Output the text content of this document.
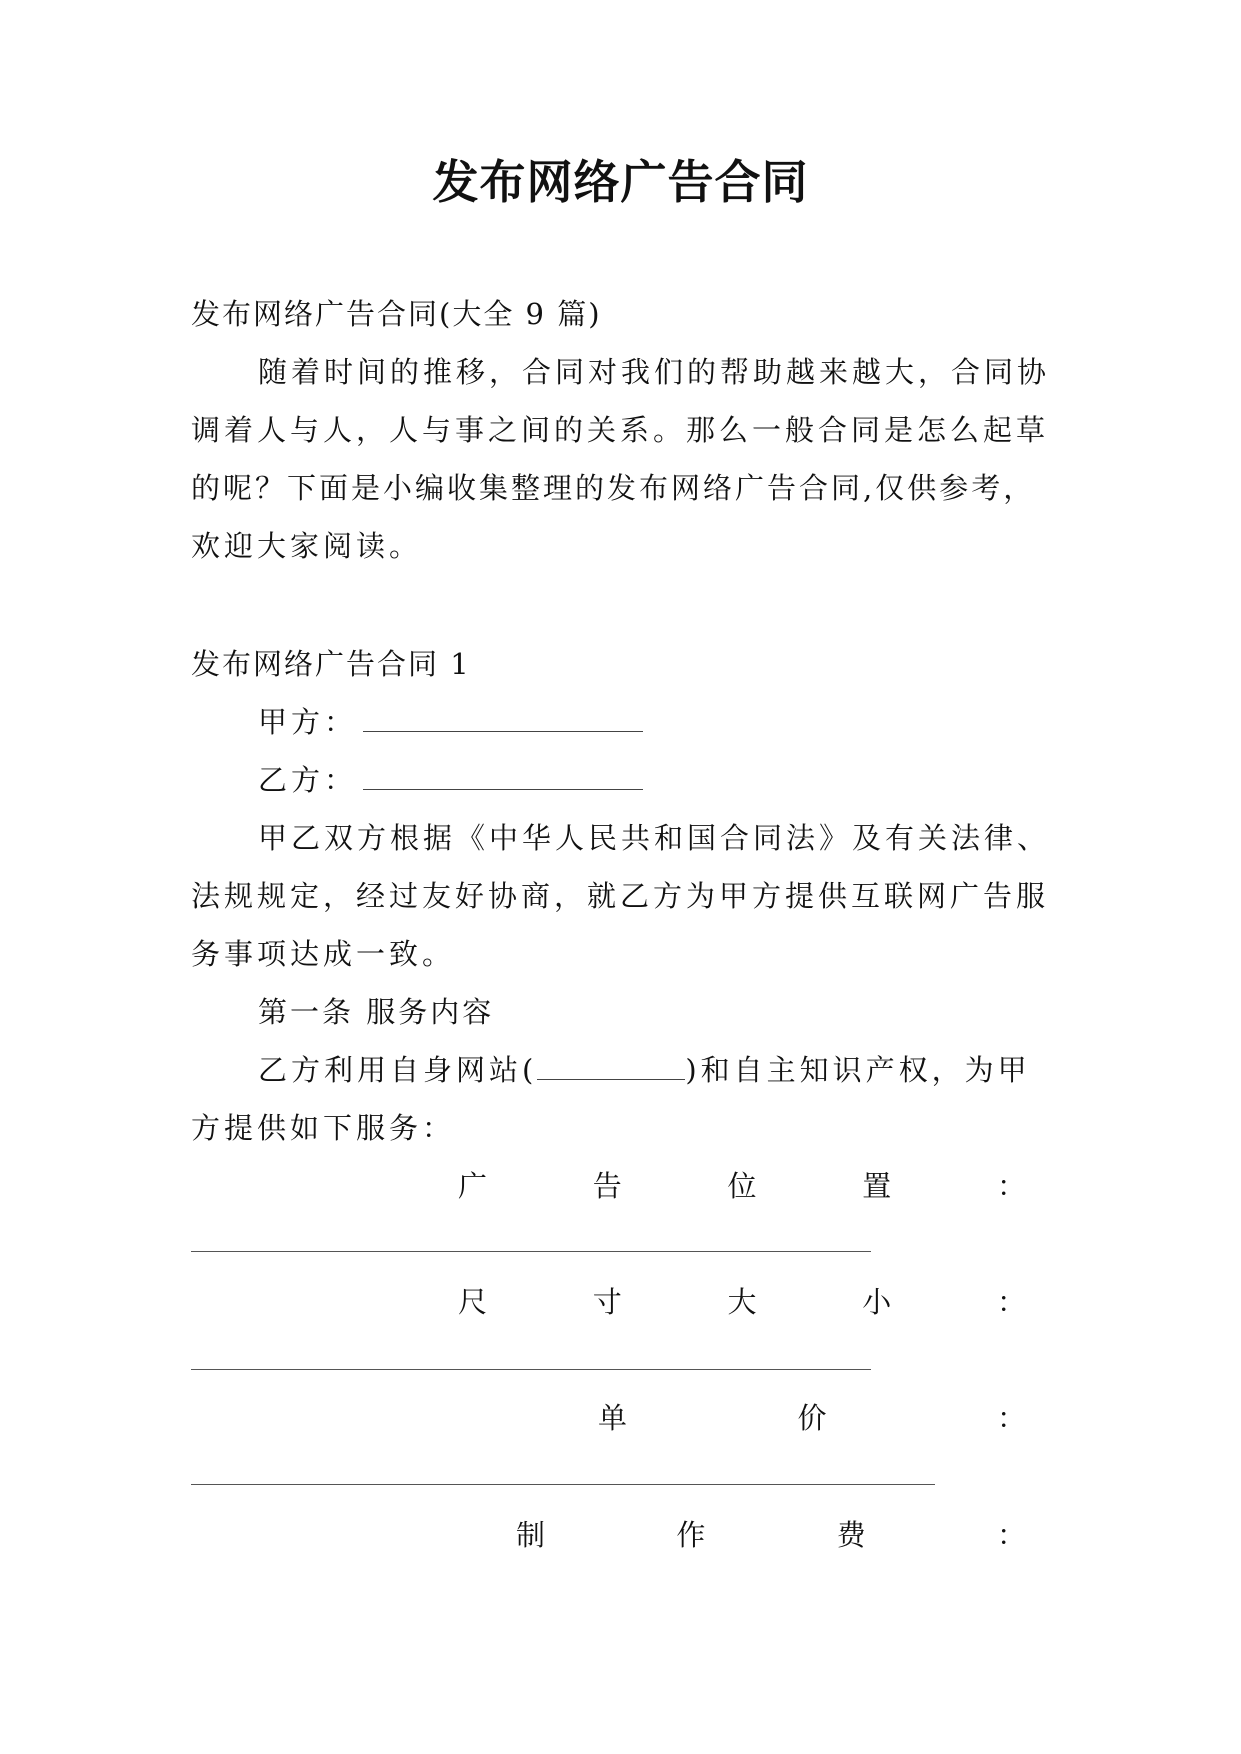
发布网络广告合同
发布网络广告合同(大全 9 篇)
随着时间的推移，合同对我们的帮助越来越大，合同协
调着人与人，人与事之间的关系。那么一般合同是怎么起草
的呢？下面是小编收集整理的发布网络广告合同,仅供参考，
欢迎大家阅读。
发布网络广告合同 1
甲方：
乙方：
甲乙双方根据《中华人民共和国合同法》及有关法律、
法规规定，经过友好协商，就乙方为甲方提供互联网广告服
务事项达成一致。
第一条 服务内容
乙方利用自身网站(	)和自主知识产权，为甲
方提供如下服务：
广	告	位	置	：
尺	寸	大	小	：
单	价	：
制	作	费	：
